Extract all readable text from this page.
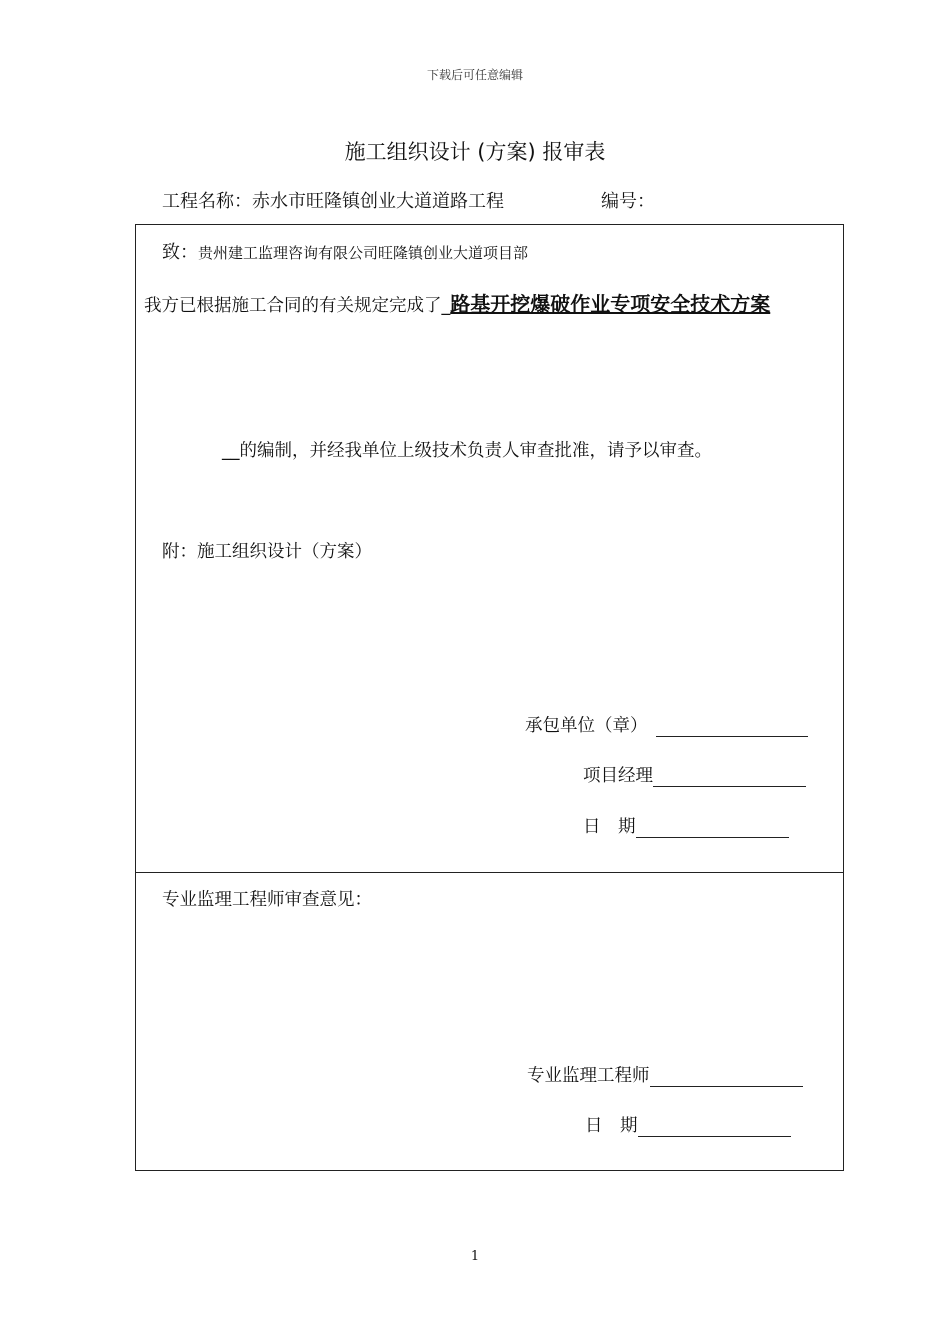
下载后可任意编辑
施工组织设计 (方案) 报审表
工程名称：赤水市旺隆镇创业大道道路工程	编号：
致：贵州建工监理咨询有限公司旺隆镇创业大道项目部
我方已根据施工合同的有关规定完成了_路基开挖爆破作业专项安全技术方案
__的编制，并经我单位上级技术负责人审查批准，请予以审查。
附：施工组织设计（方案）
承包单位（章）
项目经理
日　期
专业监理工程师审查意见：
专业监理工程师
日　期
1
